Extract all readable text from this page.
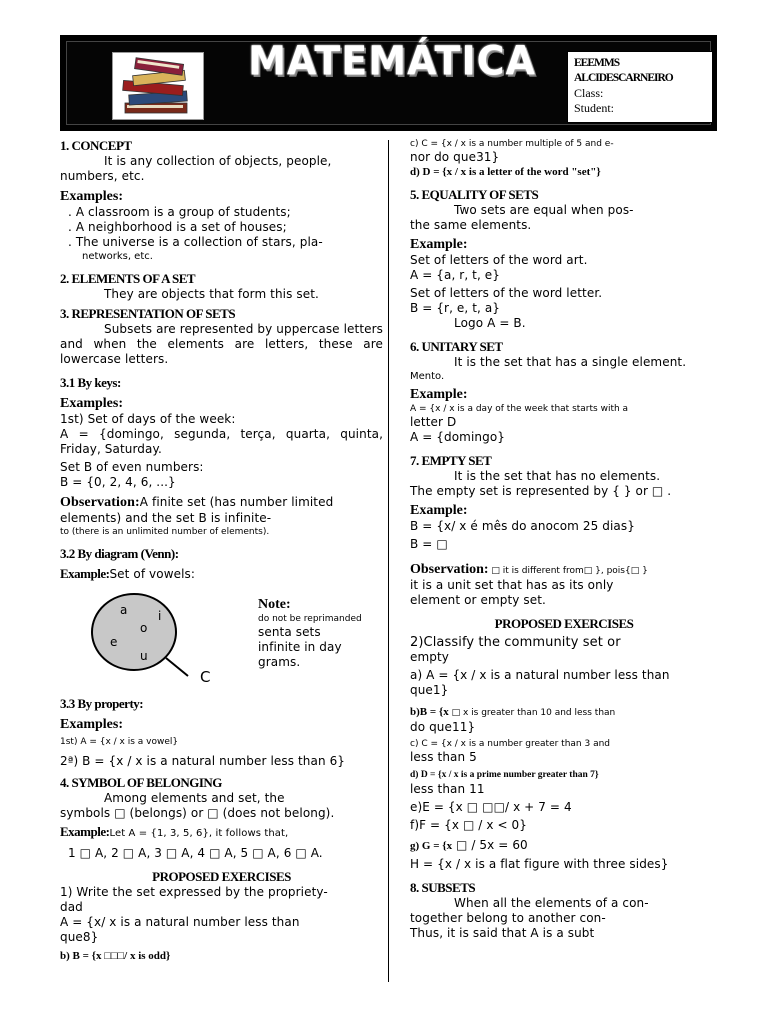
MATEMÁTICA	EEEMMS
ALCIDESCARNEIRO
Class:
Student:

1. CONCEPT

It is any collection of objects, people, numbers, etc.

Examples:

. A classroom is a group of students;

. A neighborhood is a set of houses;

. The universe is a collection of stars, pla-

networks, etc.

2. ELEMENTS OF A SET

They are objects that form this set.

3. REPRESENTATION OF SETS

Subsets are represented by uppercase letters and when the elements are letters, these are lowercase letters.

3.1 By keys:

Examples:

1st) Set of days of the week:

A = {domingo, segunda, terça, quarta, quinta, Friday, Saturday.

Set B of even numbers:

B = {0, 2, 4, 6, ...}

Observation:A finite set (has number limited elements) and the set B is infinite-

to (there is an unlimited number of elements).

3.2 By diagram (Venn):

Example:Set of vowels:

a	i
o
e
u
C

Note:

do not be reprimanded

senta sets

infinite in day

grams.

3.3 By property:

Examples:

1st) A = {x / x is a vowel}

2ª) B = {x / x is a natural number less than 6}

4. SYMBOL OF BELONGING

Among elements and set, the

symbols □ (belongs) or □ (does not belong).

Example:Let A = {1, 3, 5, 6}, it follows that,

1 □ A, 2 □ A, 3 □ A, 4 □ A, 5 □ A, 6 □ A.

PROPOSED EXERCISES

1) Write the set expressed by the propriety-

dad

A = {x/ x is a natural number less than

que8}

b) B = {x □□□/ x is odd}

c) C = {x / x is a number multiple of 5 and e-

nor do que31}

d) D = {x / x is a letter of the word "set"}

5. EQUALITY OF SETS

Two sets are equal when pos-

the same elements.

Example:

Set of letters of the word art.

A = {a, r, t, e}

Set of letters of the word letter.

B = {r, e, t, a}

Logo A = B.

6. UNITARY SET

It is the set that has a single element.

Mento.

Example:

A = {x / x is a day of the week that starts with a

letter D

A = {domingo}

7. EMPTY SET

It is the set that has no elements.

The empty set is represented by { } or □ .

Example:

B = {x/ x é mês do anocom 25 dias}

B = □

Observation: □ it is different from□ }, pois{□ }

it is a unit set that has as its only

element or empty set.

PROPOSED EXERCISES

2)Classify the community set or

empty

a) A = {x / x is a natural number less than

que1}

b)B = {x □ x is greater than 10 and less than

do que11}

c) C = {x / x is a number greater than 3 and

less than 5

d) D = {x / x is a prime number greater than 7}

less than 11

e)E = {x □ □□/ x + 7 = 4

f)F = {x □ / x < 0}

g) G = {x □ / 5x = 60

H = {x / x is a flat figure with three sides}

8. SUBSETS

When all the elements of a con-

together belong to another con-

Thus, it is said that A is a subt
